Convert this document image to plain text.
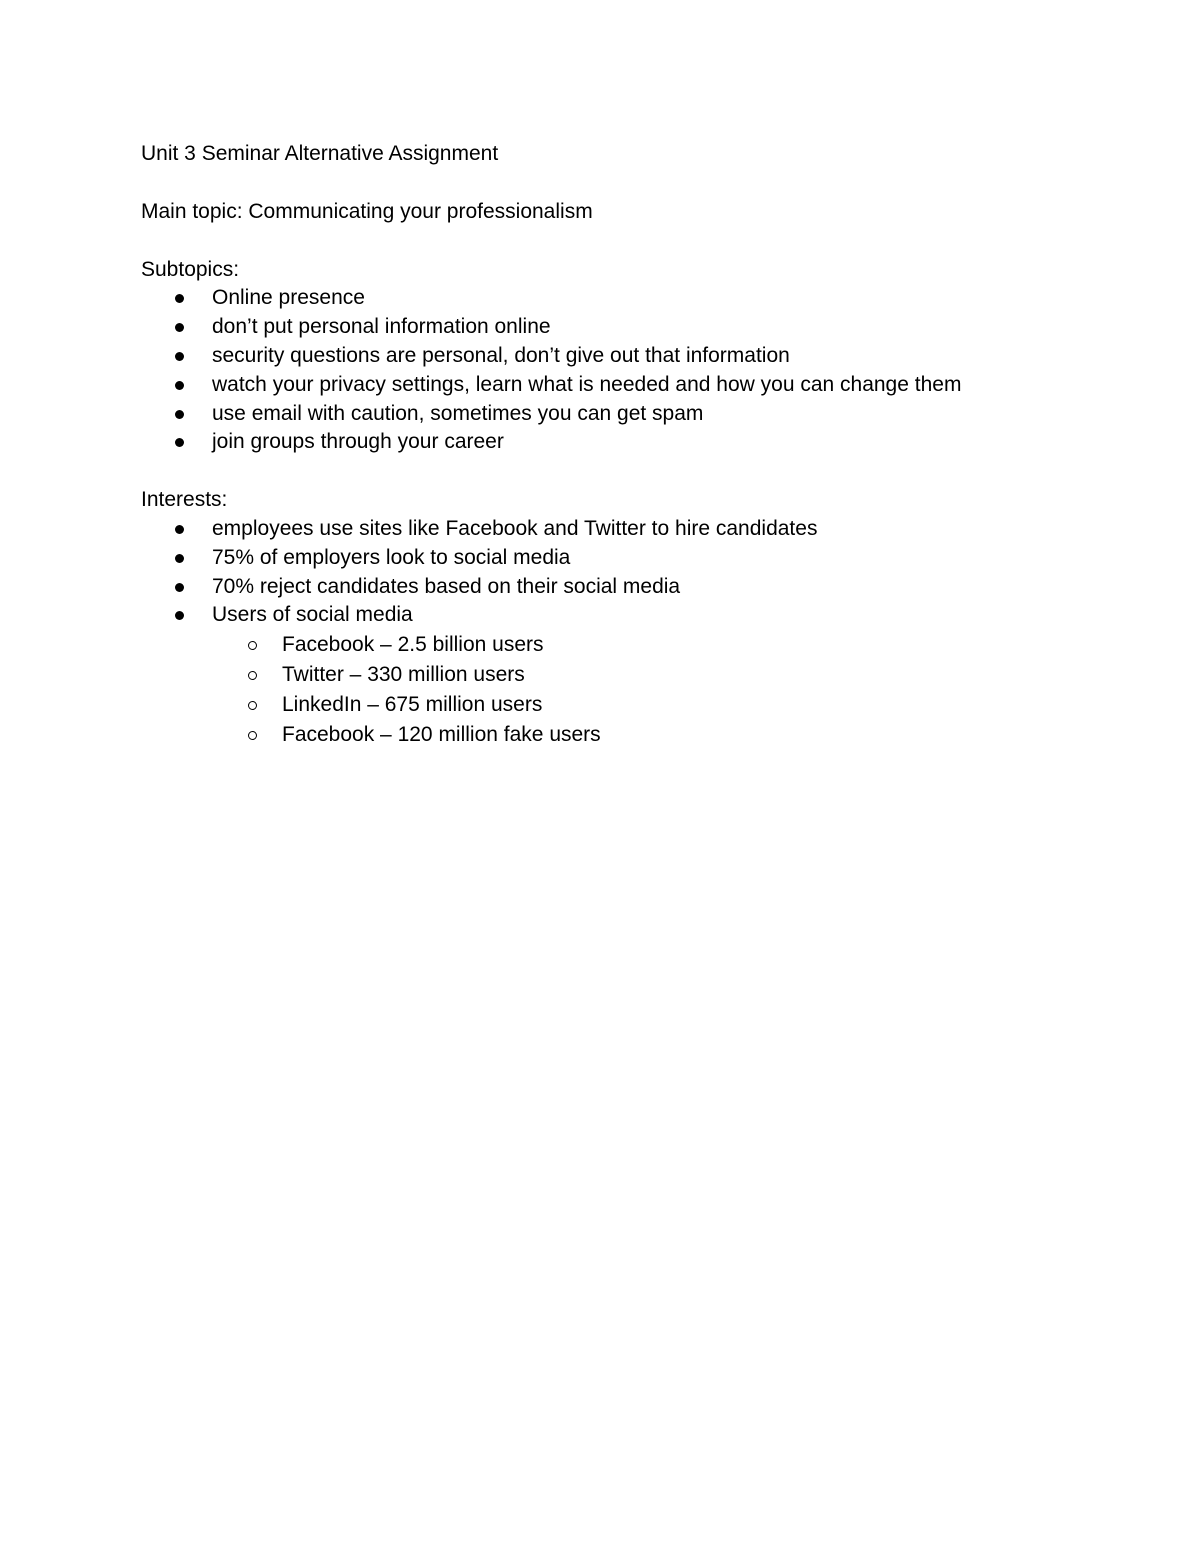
Unit 3 Seminar Alternative Assignment

Main topic: Communicating your professionalism

Subtopics:

Online presence
don’t put personal information online
security questions are personal, don’t give out that information
watch your privacy settings, learn what is needed and how you can change them
use email with caution, sometimes you can get spam
join groups through your career

Interests:

employees use sites like Facebook and Twitter to hire candidates
75% of employers look to social media
70% reject candidates based on their social media
Users of social media
Facebook – 2.5 billion users
Twitter – 330 million users
LinkedIn – 675 million users
Facebook – 120 million fake users
